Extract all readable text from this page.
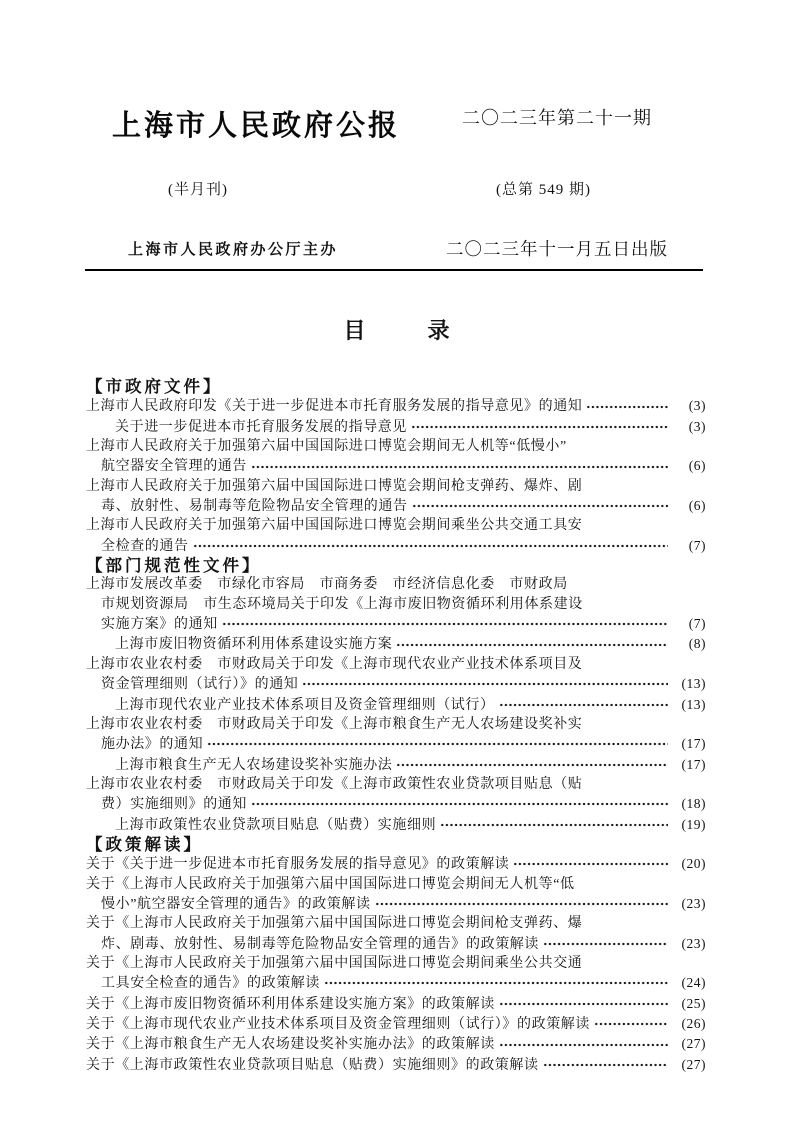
上海市人民政府公报	二〇二三年第二十一期
(半月刊)	(总第 549 期)
上海市人民政府办公厅主办	二〇二三年十一月五日出版
目录
【市政府文件】
上海市人民政府印发《关于进一步促进本市托育服务发展的指导意见》的通知	(3)
关于进一步促进本市托育服务发展的指导意见	(3)
上海市人民政府关于加强第六届中国国际进口博览会期间无人机等“低慢小”
航空器安全管理的通告	(6)
上海市人民政府关于加强第六届中国国际进口博览会期间枪支弹药、爆炸、剧
毒、放射性、易制毒等危险物品安全管理的通告	(6)
上海市人民政府关于加强第六届中国国际进口博览会期间乘坐公共交通工具安
全检查的通告	(7)
【部门规范性文件】
上海市发展改革委　市绿化市容局　市商务委　市经济信息化委　市财政局
市规划资源局　市生态环境局关于印发《上海市废旧物资循环利用体系建设
实施方案》的通知	(7)
上海市废旧物资循环利用体系建设实施方案	(8)
上海市农业农村委　市财政局关于印发《上海市现代农业产业技术体系项目及
资金管理细则（试行）》的通知	(13)
上海市现代农业产业技术体系项目及资金管理细则（试行）	(13)
上海市农业农村委　市财政局关于印发《上海市粮食生产无人农场建设奖补实
施办法》的通知	(17)
上海市粮食生产无人农场建设奖补实施办法	(17)
上海市农业农村委　市财政局关于印发《上海市政策性农业贷款项目贴息（贴
费）实施细则》的通知	(18)
上海市政策性农业贷款项目贴息（贴费）实施细则	(19)
【政策解读】
关于《关于进一步促进本市托育服务发展的指导意见》的政策解读	(20)
关于《上海市人民政府关于加强第六届中国国际进口博览会期间无人机等“低
慢小”航空器安全管理的通告》的政策解读	(23)
关于《上海市人民政府关于加强第六届中国国际进口博览会期间枪支弹药、爆
炸、剧毒、放射性、易制毒等危险物品安全管理的通告》的政策解读	(23)
关于《上海市人民政府关于加强第六届中国国际进口博览会期间乘坐公共交通
工具安全检查的通告》的政策解读	(24)
关于《上海市废旧物资循环利用体系建设实施方案》的政策解读	(25)
关于《上海市现代农业产业技术体系项目及资金管理细则（试行）》的政策解读	(26)
关于《上海市粮食生产无人农场建设奖补实施办法》的政策解读	(27)
关于《上海市政策性农业贷款项目贴息（贴费）实施细则》的政策解读	(27)
